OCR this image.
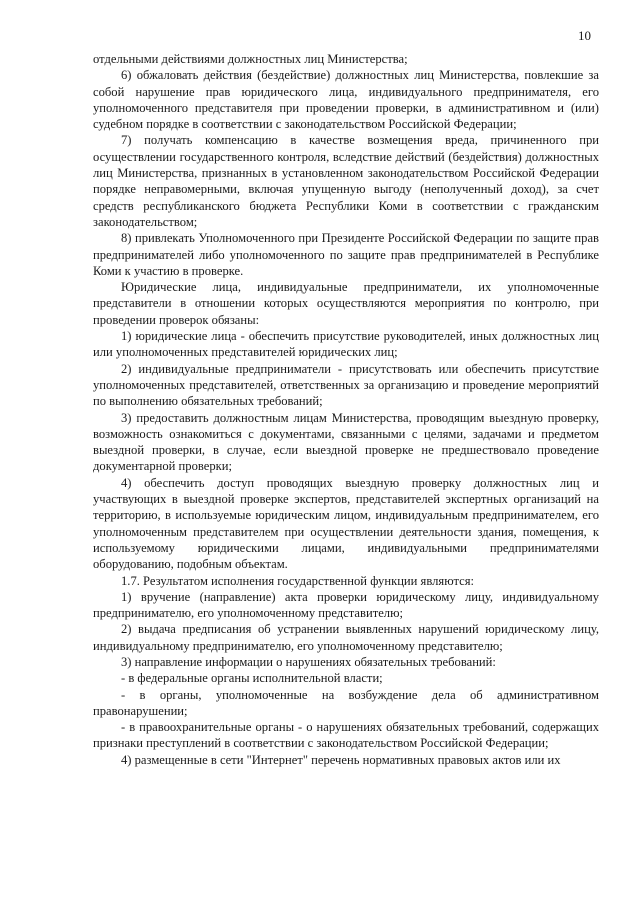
10

отдельными действиями должностных лиц Министерства;

6) обжаловать действия (бездействие) должностных лиц Министерства, повлекшие за собой нарушение прав юридического лица, индивидуального предпринимателя, его уполномоченного представителя при проведении проверки, в административном и (или) судебном порядке в соответствии с законодательством Российской Федерации;

7) получать компенсацию в качестве возмещения вреда, причиненного при осуществлении государственного контроля, вследствие действий (бездействия) должностных лиц Министерства, признанных в установленном законодательством Российской Федерации порядке неправомерными, включая упущенную выгоду (неполученный доход), за счет средств республиканского бюджета Республики Коми в соответствии с гражданским законодательством;

8) привлекать Уполномоченного при Президенте Российской Федерации по защите прав предпринимателей либо уполномоченного по защите прав предпринимателей в Республике Коми к участию в проверке.

Юридические лица, индивидуальные предприниматели, их уполномоченные представители в отношении которых осуществляются мероприятия по контролю, при проведении проверок обязаны:

1) юридические лица - обеспечить присутствие руководителей, иных должностных лиц или уполномоченных представителей юридических лиц;

2) индивидуальные предприниматели - присутствовать или обеспечить присутствие уполномоченных представителей, ответственных за организацию и проведение мероприятий по выполнению обязательных требований;

3) предоставить должностным лицам Министерства, проводящим выездную проверку, возможность ознакомиться с документами, связанными с целями, задачами и предметом выездной проверки, в случае, если выездной проверке не предшествовало проведение документарной проверки;

4) обеспечить доступ проводящих выездную проверку должностных лиц и участвующих в выездной проверке экспертов, представителей экспертных организаций на территорию, в используемые юридическим лицом, индивидуальным предпринимателем, его уполномоченным представителем при осуществлении деятельности здания, помещения, к используемому юридическими лицами, индивидуальными предпринимателями оборудованию, подобным объектам.

1.7. Результатом исполнения государственной функции являются:

1) вручение (направление) акта проверки юридическому лицу, индивидуальному предпринимателю, его уполномоченному представителю;

2) выдача предписания об устранении выявленных нарушений юридическому лицу, индивидуальному предпринимателю, его уполномоченному представителю;

3) направление информации о нарушениях обязательных требований:

- в федеральные органы исполнительной власти;

- в органы, уполномоченные на возбуждение дела об административном правонарушении;

- в правоохранительные органы - о нарушениях обязательных требований, содержащих признаки преступлений в соответствии с законодательством Российской Федерации;

4) размещенные в сети "Интернет" перечень нормативных правовых актов или их
